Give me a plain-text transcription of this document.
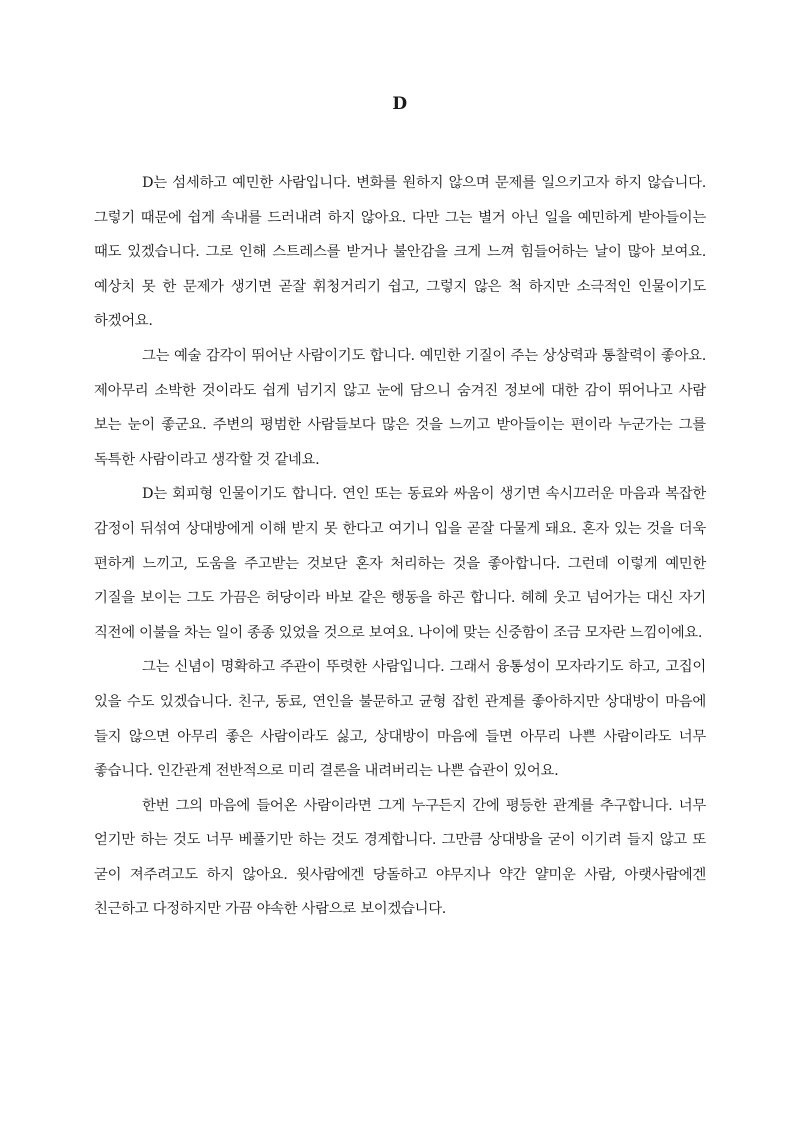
D

D는 섬세하고 예민한 사람입니다. 변화를 원하지 않으며 문제를 일으키고자 하지 않습니다. 그렇기 때문에 쉽게 속내를 드러내려 하지 않아요. 다만 그는 별거 아닌 일을 예민하게 받아들이는 때도 있겠습니다. 그로 인해 스트레스를 받거나 불안감을 크게 느껴 힘들어하는 날이 많아 보여요. 예상치 못 한 문제가 생기면 곧잘 휘청거리기 쉽고, 그렇지 않은 척 하지만 소극적인 인물이기도 하겠어요.

그는 예술 감각이 뛰어난 사람이기도 합니다. 예민한 기질이 주는 상상력과 통찰력이 좋아요. 제아무리 소박한 것이라도 쉽게 넘기지 않고 눈에 담으니 숨겨진 정보에 대한 감이 뛰어나고 사람 보는 눈이 좋군요. 주변의 평범한 사람들보다 많은 것을 느끼고 받아들이는 편이라 누군가는 그를 독특한 사람이라고 생각할 것 같네요.

D는 회피형 인물이기도 합니다. 연인 또는 동료와 싸움이 생기면 속시끄러운 마음과 복잡한 감정이 뒤섞여 상대방에게 이해 받지 못 한다고 여기니 입을 곧잘 다물게 돼요. 혼자 있는 것을 더욱 편하게 느끼고, 도움을 주고받는 것보단 혼자 처리하는 것을 좋아합니다. 그런데 이렇게 예민한 기질을 보이는 그도 가끔은 허당이라 바보 같은 행동을 하곤 합니다. 헤헤 웃고 넘어가는 대신 자기 직전에 이불을 차는 일이 종종 있었을 것으로 보여요. 나이에 맞는 신중함이 조금 모자란 느낌이에요.

그는 신념이 명확하고 주관이 뚜렷한 사람입니다. 그래서 융통성이 모자라기도 하고, 고집이 있을 수도 있겠습니다. 친구, 동료, 연인을 불문하고 균형 잡힌 관계를 좋아하지만 상대방이 마음에 들지 않으면 아무리 좋은 사람이라도 싫고, 상대방이 마음에 들면 아무리 나쁜 사람이라도 너무 좋습니다. 인간관계 전반적으로 미리 결론을 내려버리는 나쁜 습관이 있어요.

한번 그의 마음에 들어온 사람이라면 그게 누구든지 간에 평등한 관계를 추구합니다. 너무 얻기만 하는 것도 너무 베풀기만 하는 것도 경계합니다. 그만큼 상대방을 굳이 이기려 들지 않고 또 굳이 져주려고도 하지 않아요. 윗사람에겐 당돌하고 야무지나 약간 얄미운 사람, 아랫사람에겐 친근하고 다정하지만 가끔 야속한 사람으로 보이겠습니다.
